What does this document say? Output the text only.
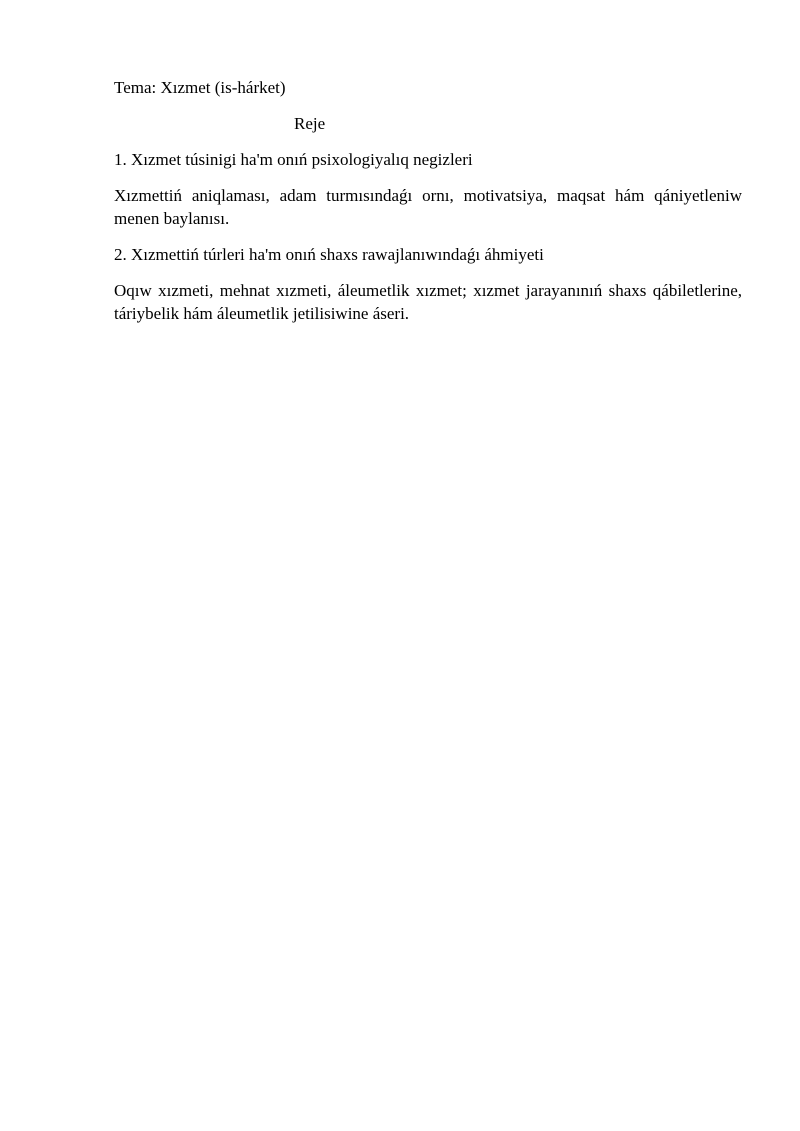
Tema: Xızmet (is-hárket)

Reje

1. Xızmet túsinigi ha'm onıń psixologiyalıq negizleri

Xızmettiń aniqlaması, adam turmısındaǵı ornı, motivatsiya, maqsat hám qániyetleniw menen baylanısı.

2. Xızmettiń túrleri ha'm onıń shaxs rawajlanıwındaǵı áhmiyeti

Oqıw xızmeti, mehnat xızmeti, áleumetlik xızmet; xızmet jarayanınıń shaxs qábiletlerine, táriybelik hám áleumetlik jetilisiwine áseri.
